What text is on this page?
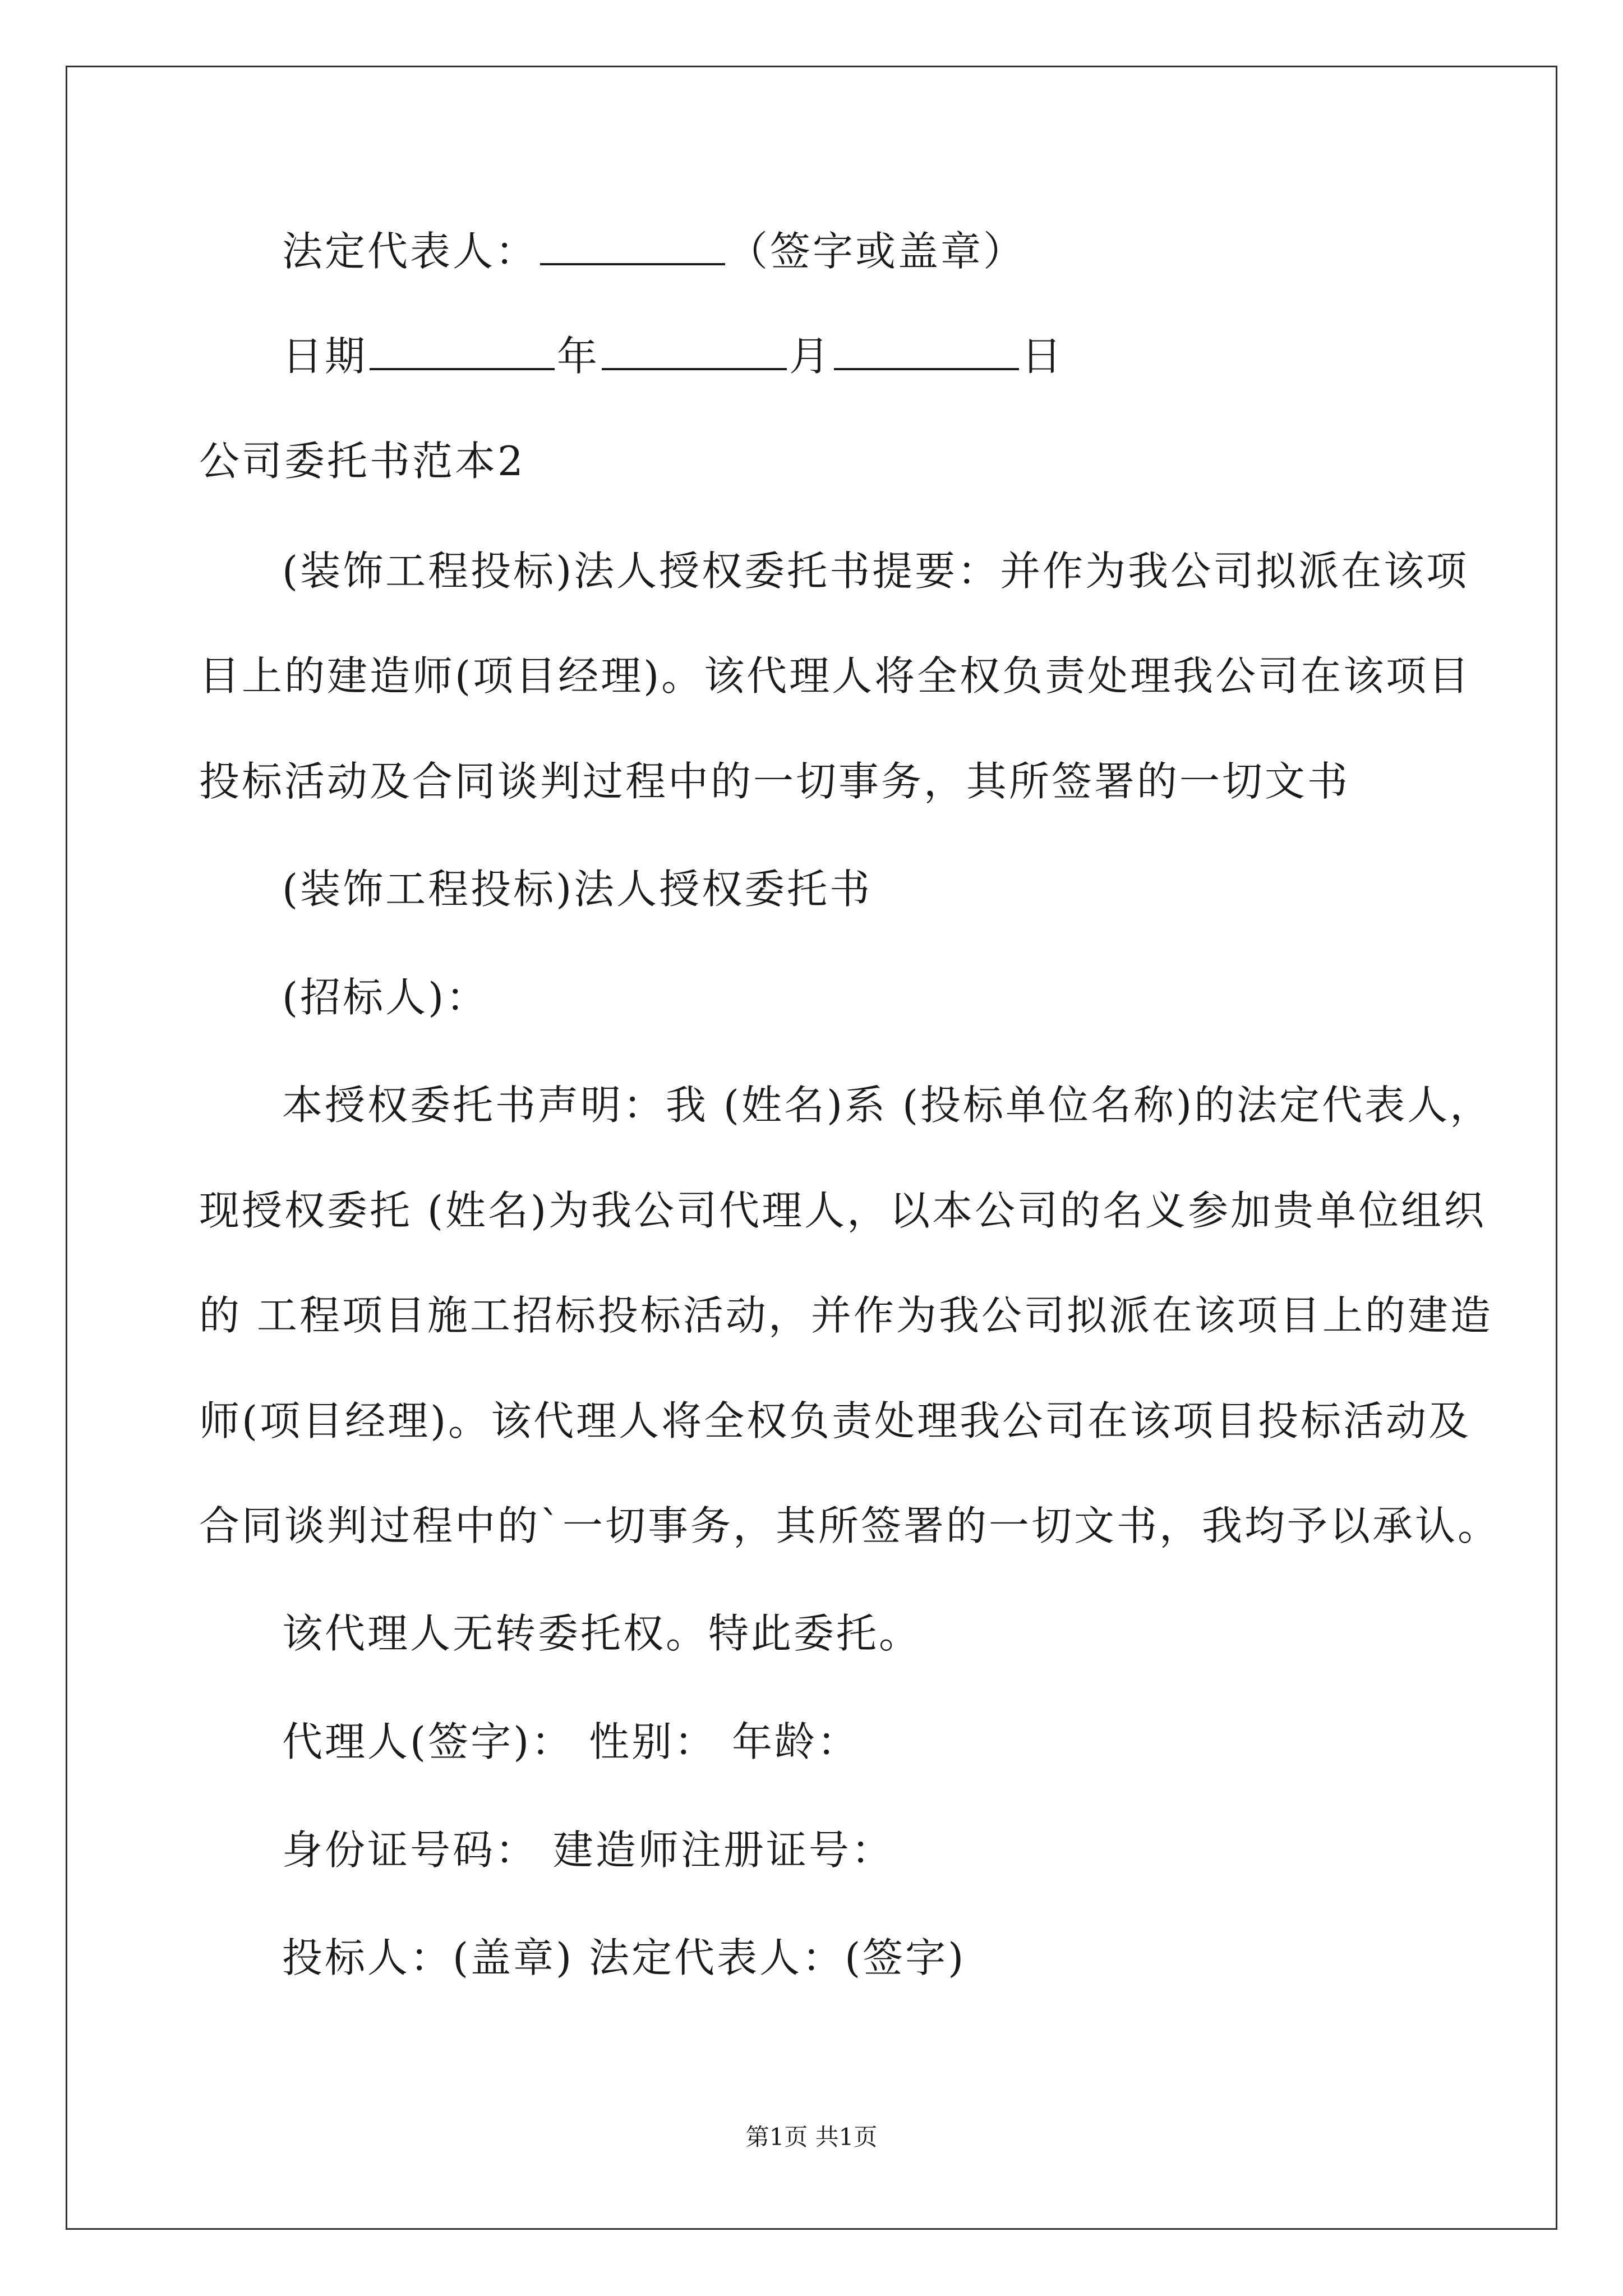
法定代表人：	（签字或盖章）
日期	年	月	日
公司委托书范本2
(装饰工程投标)法人授权委托书提要：并作为我公司拟派在该项
目上的建造师(项目经理)。该代理人将全权负责处理我公司在该项目
投标活动及合同谈判过程中的一切事务，其所签署的一切文书
(装饰工程投标)法人授权委托书
(招标人)：
本授权委托书声明：我 (姓名)系 (投标单位名称)的法定代表人，
现授权委托 (姓名)为我公司代理人，以本公司的名义参加贵单位组织
的 工程项目施工招标投标活动，并作为我公司拟派在该项目上的建造
师(项目经理)。该代理人将全权负责处理我公司在该项目投标活动及
合同谈判过程中的`一切事务，其所签署的一切文书，我均予以承认。
该代理人无转委托权。特此委托。
代理人(签字)： 性别： 年龄：
身份证号码： 建造师注册证号：
投标人：(盖章) 法定代表人：(签字)
第1页 共1页
